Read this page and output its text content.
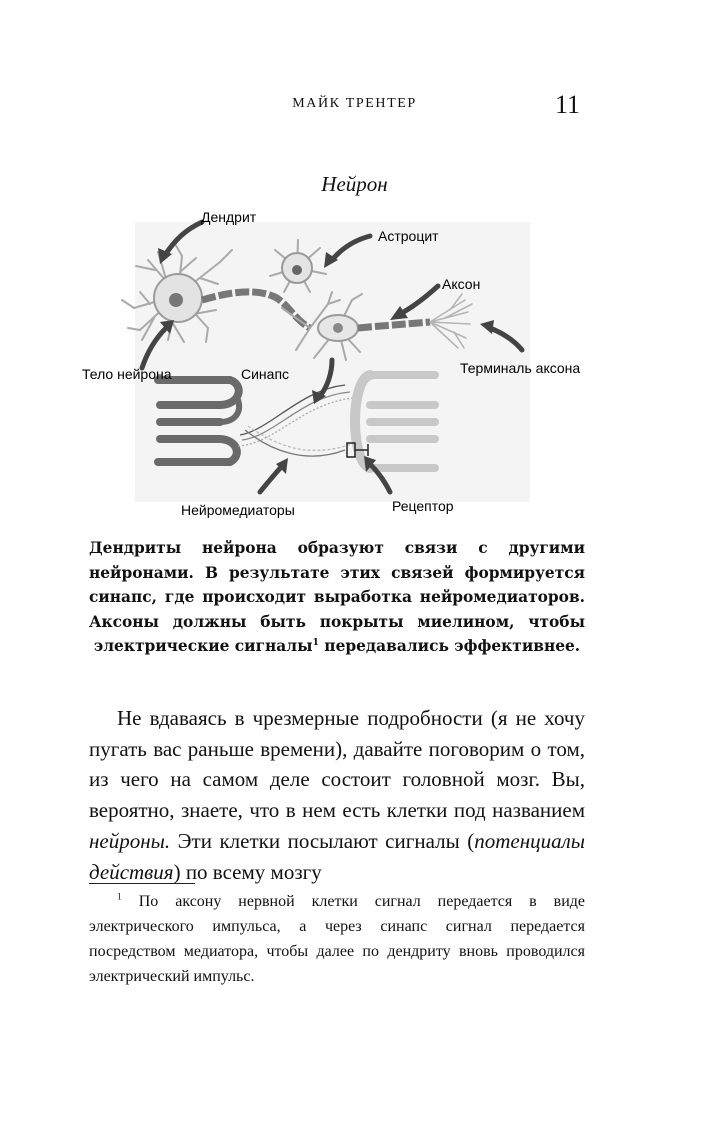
МАЙК ТРЕНТЕР	11
Нейрон
Дендрит
Астроцит
Аксон
Тело нейрона	Синапс	Терминаль аксона
Нейромедиаторы	Рецептор
Дендриты нейрона образуют связи с другими нейронами. В результате этих связей формируется синапс, где происходит выработка нейромедиаторов. Аксоны должны быть покрыты миелином, чтобы электрические сигналы$^1$ передавались эффективнее.
Не вдаваясь в чрезмерные подробности (я не хочу пугать вас раньше времени), давайте поговорим о том, из чего на самом деле состоит головной мозг. Вы, вероятно, знаете, что в нем есть клетки под названием нейроны. Эти клетки посылают сигналы (потенциалы действия) по всему мозгу
$^1$ По аксону нервной клетки сигнал передается в виде электрического импульса, а через синапс сигнал передается посредством медиатора, чтобы далее по дендриту вновь проводился электрический импульс.
